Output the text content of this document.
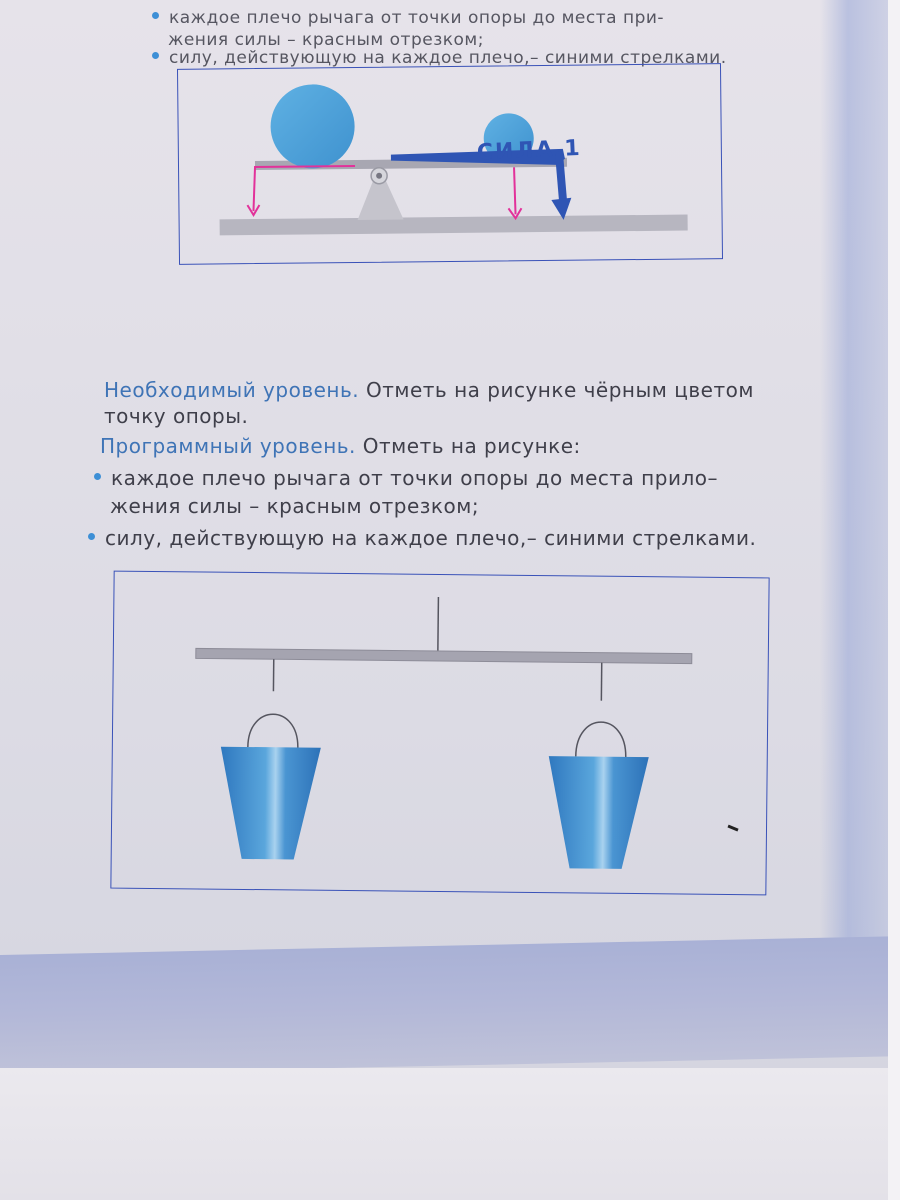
каждое плечо рычага от точки опоры до места при-
жения силы – красным отрезком;
силу, действующую на каждое плечо,– синими стрелками.
СИЛА 1
Необходимый уровень. Отметь на рисунке чёрным цветом
точку опоры.
Программный уровень. Отметь на рисунке:
каждое плечо рычага от точки опоры до места прило–
жения силы – красным отрезком;
силу, действующую на каждое плечо,– синими стрелками.
